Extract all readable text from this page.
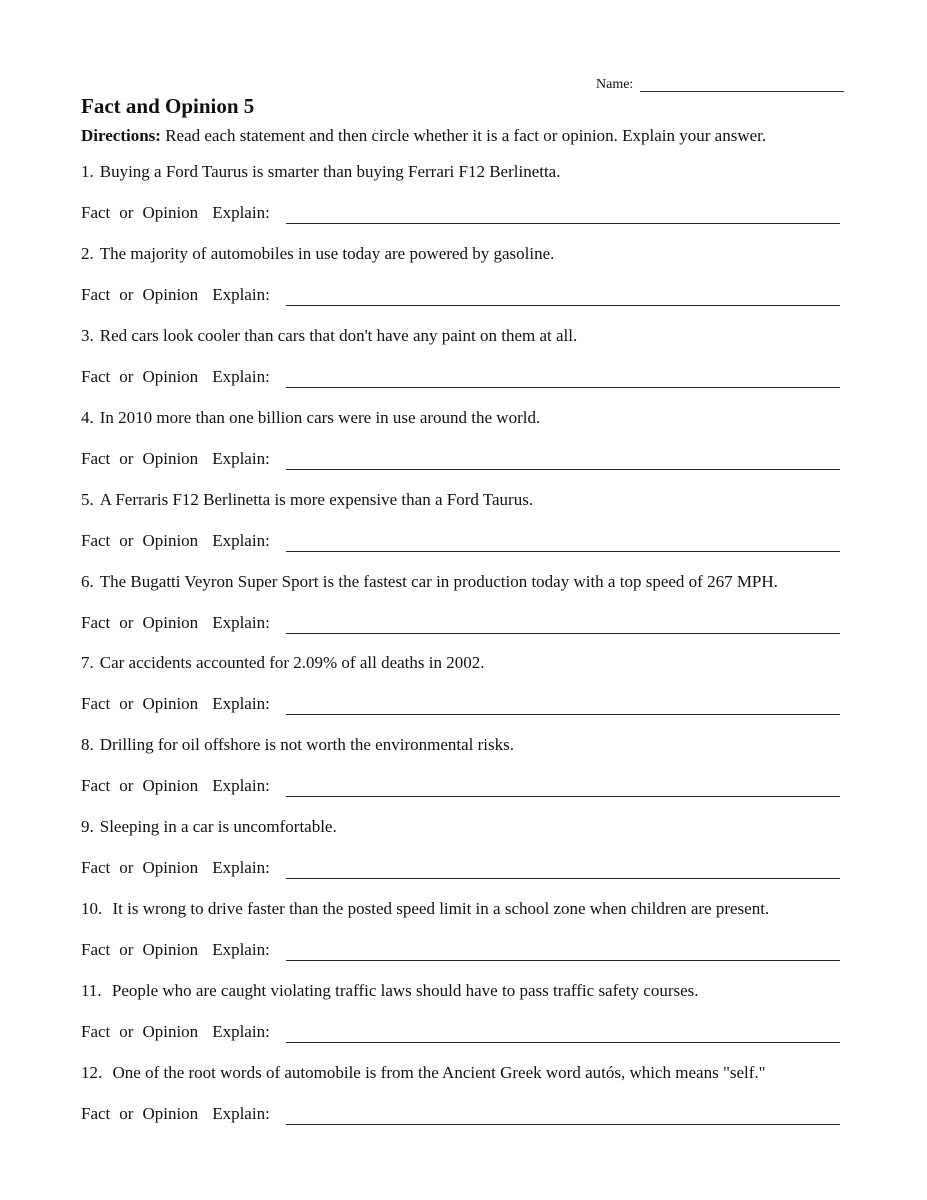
Name:
Fact and Opinion 5
Directions: Read each statement and then circle whether it is a fact or opinion. Explain your answer.
1. Buying a Ford Taurus is smarter than buying Ferrari F12 Berlinetta.
Fact or Opinion Explain:
2. The majority of automobiles in use today are powered by gasoline.
Fact or Opinion Explain:
3. Red cars look cooler than cars that don't have any paint on them at all.
Fact or Opinion Explain:
4. In 2010 more than one billion cars were in use around the world.
Fact or Opinion Explain:
5. A Ferraris F12 Berlinetta is more expensive than a Ford Taurus.
Fact or Opinion Explain:
6. The Bugatti Veyron Super Sport is the fastest car in production today with a top speed of 267 MPH.
Fact or Opinion Explain:
7. Car accidents accounted for 2.09% of all deaths in 2002.
Fact or Opinion Explain:
8. Drilling for oil offshore is not worth the environmental risks.
Fact or Opinion Explain:
9. Sleeping in a car is uncomfortable.
Fact or Opinion Explain:
10. It is wrong to drive faster than the posted speed limit in a school zone when children are present.
Fact or Opinion Explain:
11. People who are caught violating traffic laws should have to pass traffic safety courses.
Fact or Opinion Explain:
12. One of the root words of automobile is from the Ancient Greek word autós, which means "self."
Fact or Opinion Explain:
